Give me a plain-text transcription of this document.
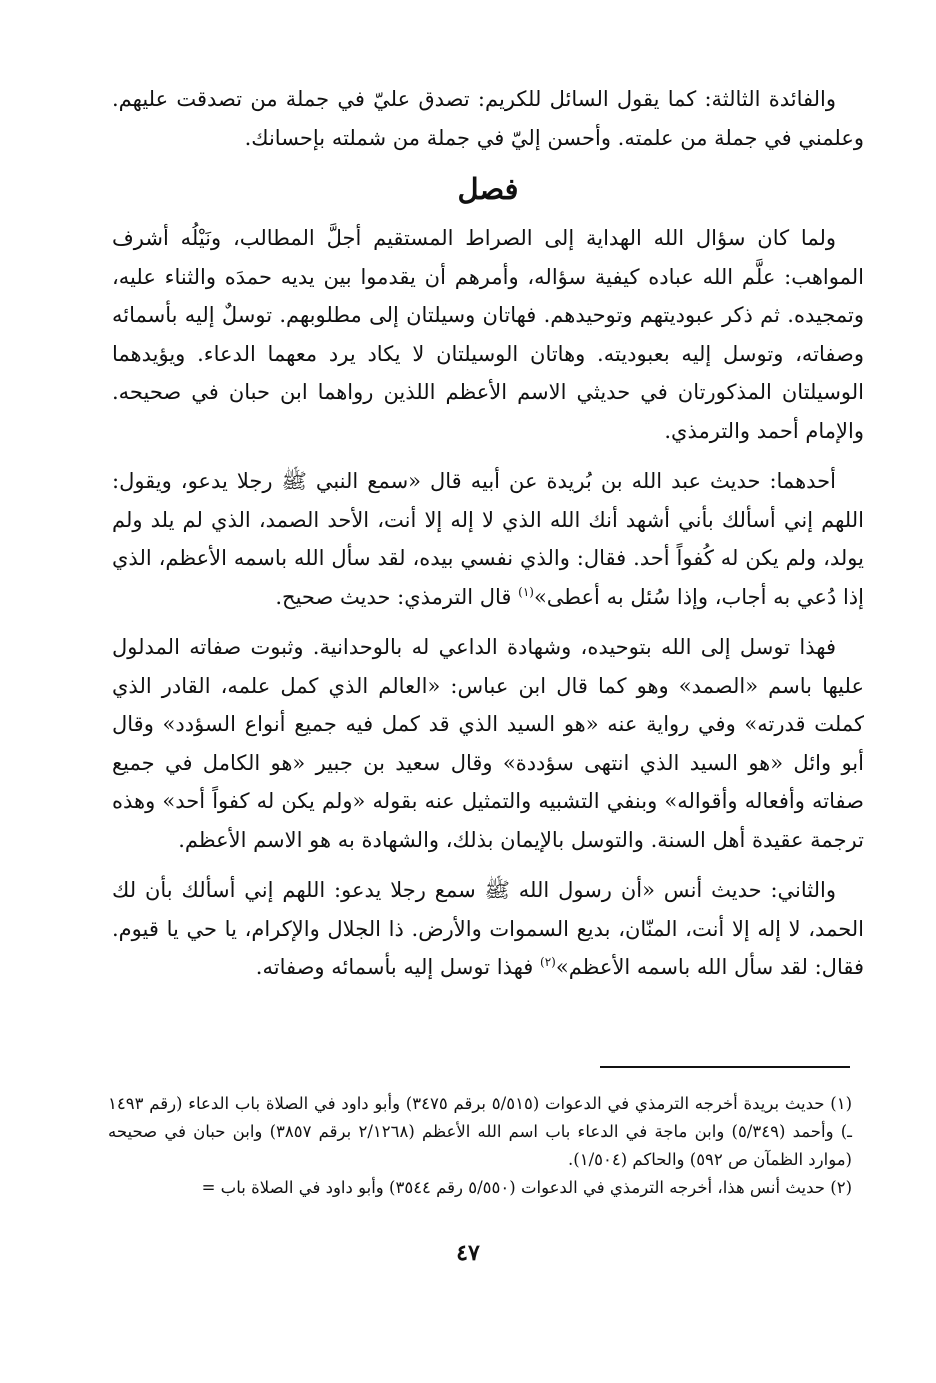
والفائدة الثالثة: كما يقول السائل للكريم: تصدق عليّ في جملة من تصدقت عليهم. وعلمني في جملة من علمته. وأحسن إليّ في جملة من شملته بإحسانك.

فصل

ولما كان سؤال الله الهداية إلى الصراط المستقيم أجلَّ المطالب، ونَيْلُه أشرف المواهب: علَّم الله عباده كيفية سؤاله، وأمرهم أن يقدموا بين يديه حمدَه والثناء عليه، وتمجيده. ثم ذكر عبوديتهم وتوحيدهم. فهاتان وسيلتان إلى مطلوبهم. توسلٌ إليه بأسمائه وصفاته، وتوسل إليه بعبوديته. وهاتان الوسيلتان لا يكاد يرد معهما الدعاء. ويؤيدهما الوسيلتان المذكورتان في حديثي الاسم الأعظم اللذين رواهما ابن حبان في صحيحه. والإمام أحمد والترمذي.

أحدهما: حديث عبد الله بن بُريدة عن أبيه قال «سمع النبي ﷺ رجلا يدعو، ويقول: اللهم إني أسألك بأني أشهد أنك الله الذي لا إله إلا أنت، الأحد الصمد، الذي لم يلد ولم يولد، ولم يكن له كُفواً أحد. فقال: والذي نفسي بيده، لقد سأل الله باسمه الأعظم، الذي إذا دُعي به أجاب، وإذا سُئل به أعطى»$^{(١)}$ قال الترمذي: حديث صحيح.

فهذا توسل إلى الله بتوحيده، وشهادة الداعي له بالوحدانية. وثبوت صفاته المدلول عليها باسم «الصمد» وهو كما قال ابن عباس: «العالم الذي كمل علمه، القادر الذي كملت قدرته» وفي رواية عنه «هو السيد الذي قد كمل فيه جميع أنواع السؤدد» وقال أبو وائل «هو السيد الذي انتهى سؤددة» وقال سعيد بن جبير «هو الكامل في جميع صفاته وأفعاله وأقواله» وبنفي التشبيه والتمثيل عنه بقوله «ولم يكن له كفواً أحد» وهذه ترجمة عقيدة أهل السنة. والتوسل بالإيمان بذلك، والشهادة به هو الاسم الأعظم.

والثاني: حديث أنس «أن رسول الله ﷺ سمع رجلا يدعو: اللهم إني أسألك بأن لك الحمد، لا إله إلا أنت، المنّان، بديع السموات والأرض. ذا الجلال والإكرام، يا حي يا قيوم. فقال: لقد سأل الله باسمه الأعظم»$^{(٢)}$ فهذا توسل إليه بأسمائه وصفاته.

(١) حديث بريدة أخرجه الترمذي في الدعوات (٥/٥١٥ برقم ٣٤٧٥) وأبو داود في الصلاة باب الدعاء (رقم ١٤٩٣ ـ) وأحمد (٥/٣٤٩) وابن ماجة في الدعاء باب اسم الله الأعظم (٢/١٢٦٨ برقم ٣٨٥٧) وابن حبان في صحيحه (موارد الظمآن ص ٥٩٢) والحاكم (١/٥٠٤).

(٢) حديث أنس هذا، أخرجه الترمذي في الدعوات (٥/٥٥٠ رقم ٣٥٤٤) وأبو داود في الصلاة باب =

٤٧
